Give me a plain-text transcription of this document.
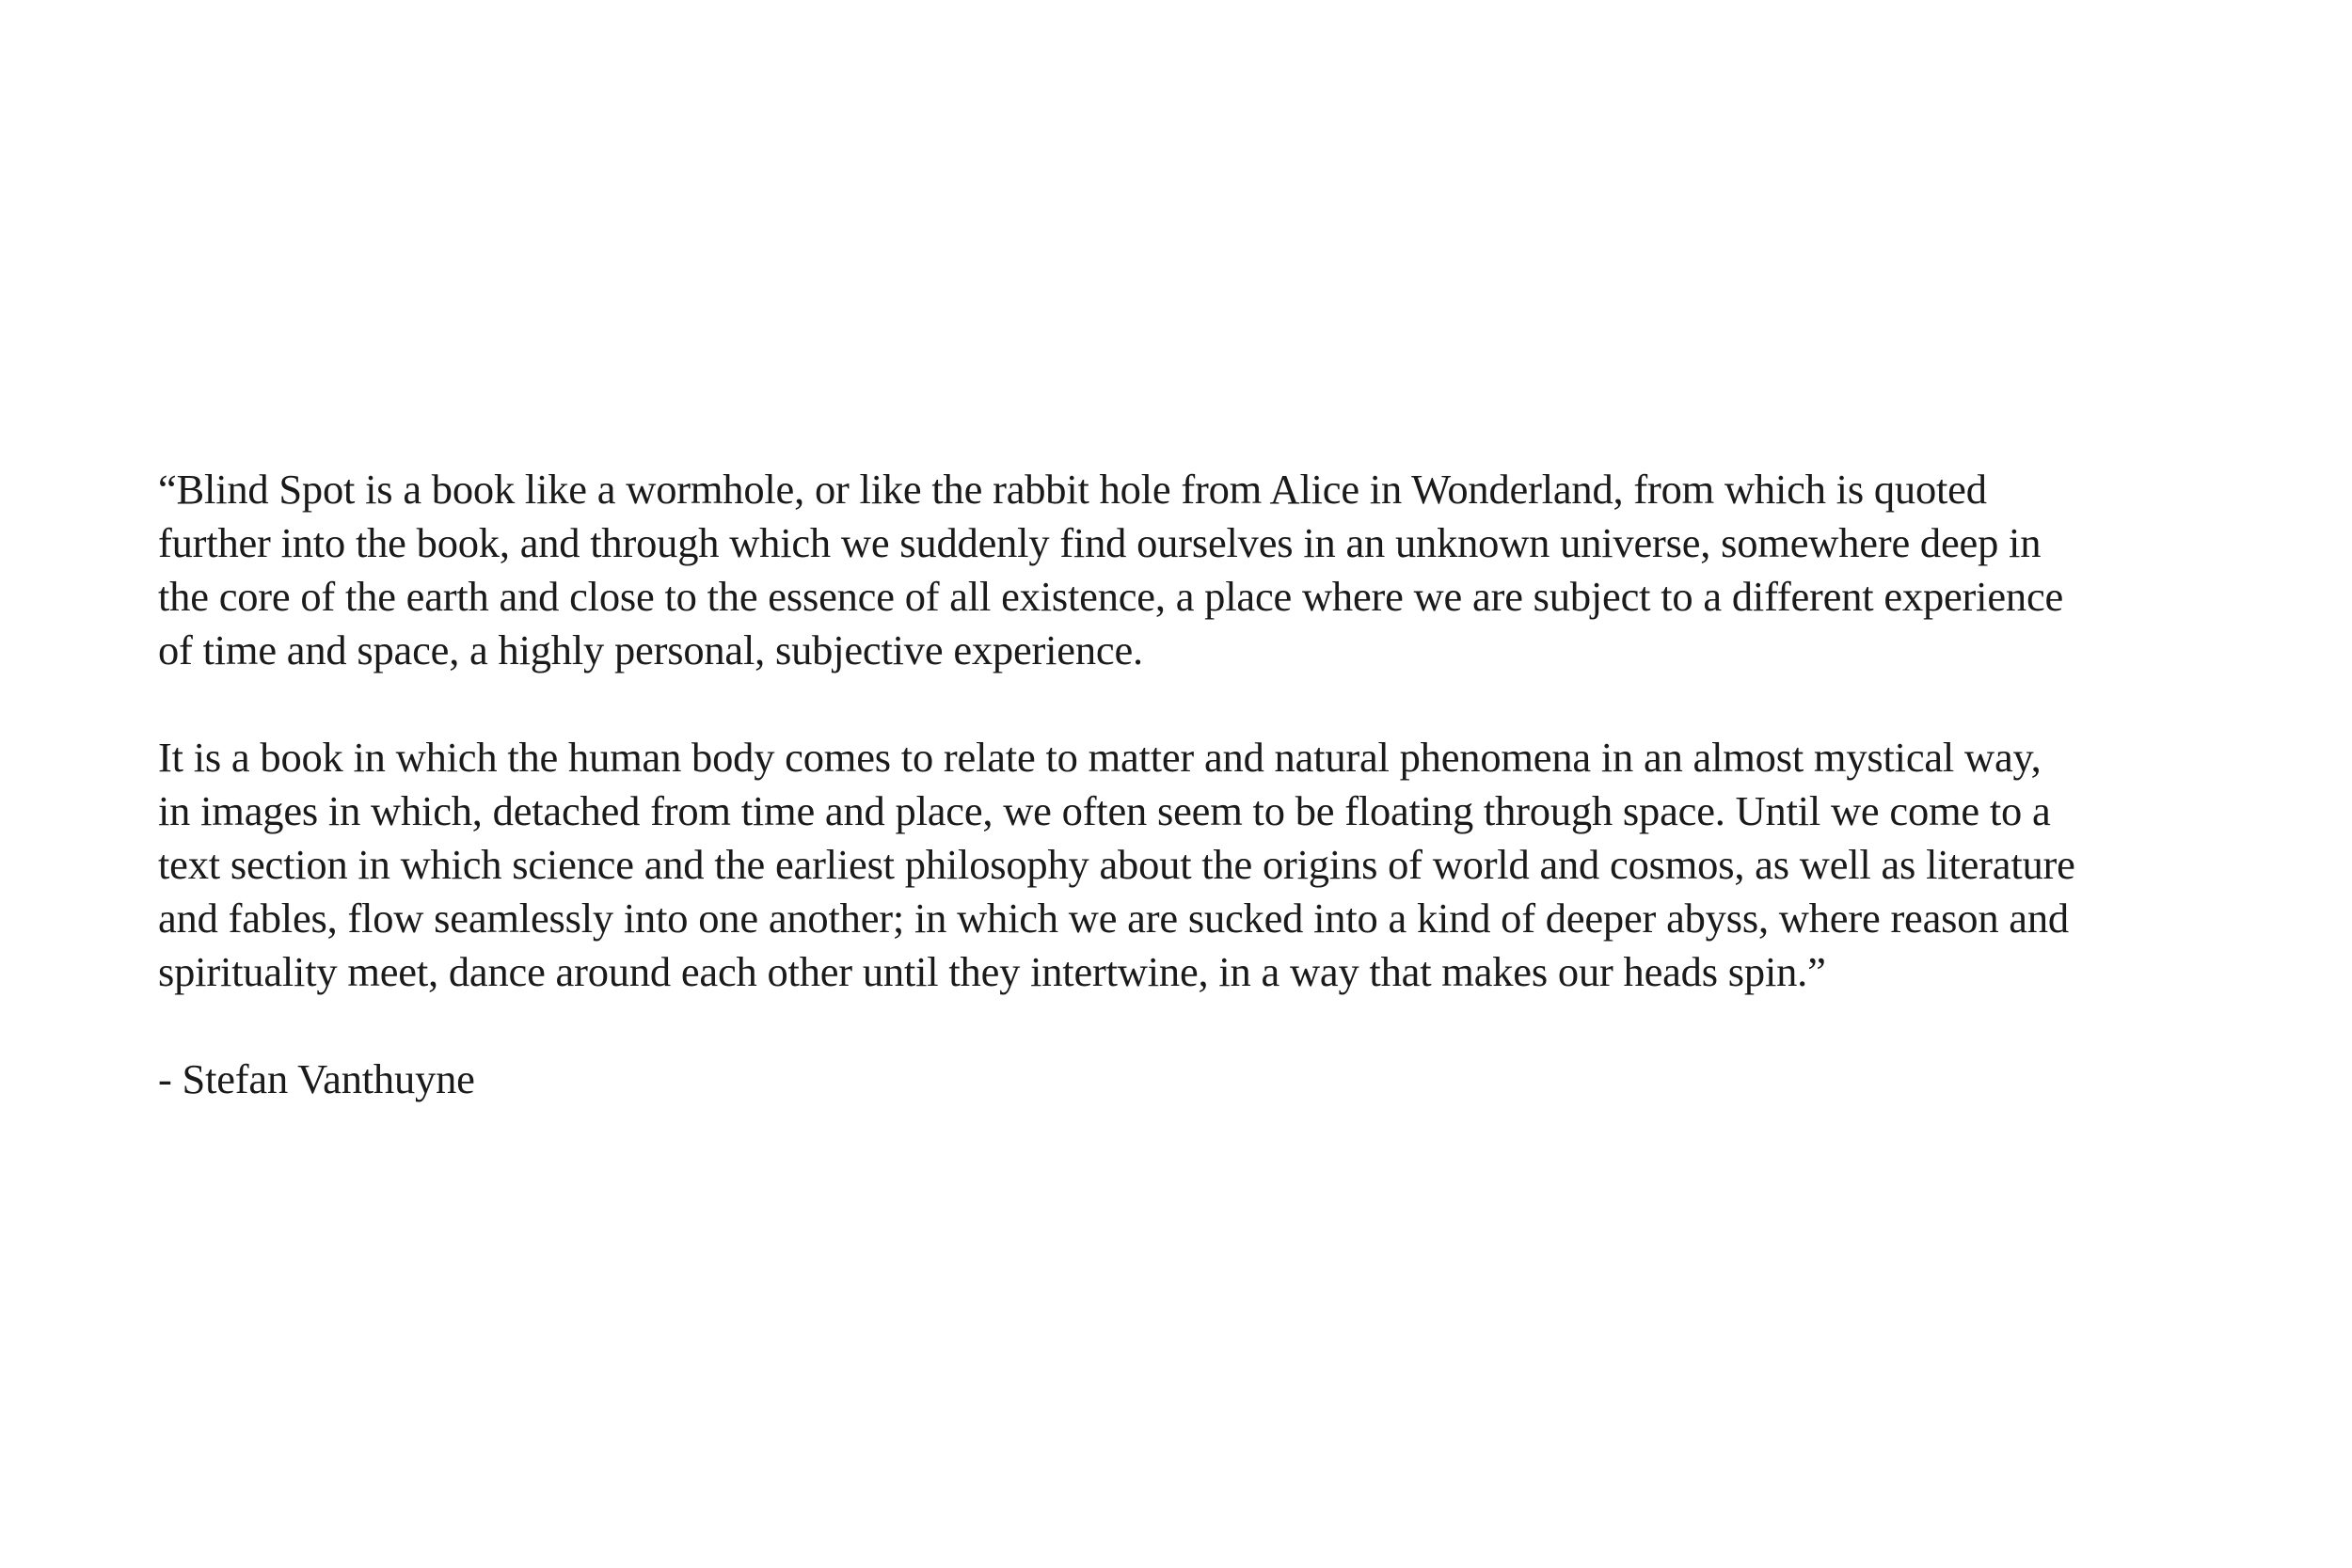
“Blind Spot is a book like a wormhole, or like the rabbit hole from Alice in Wonderland, from which is quoted
further into the book, and through which we suddenly find ourselves in an unknown universe, somewhere deep in
the core of the earth and close to the essence of all existence, a place where we are subject to a different experience
of time and space, a highly personal, subjective experience.
It is a book in which the human body comes to relate to matter and natural phenomena in an almost mystical way,
in images in which, detached from time and place, we often seem to be floating through space. Until we come to a
text section in which science and the earliest philosophy about the origins of world and cosmos, as well as literature
and fables, flow seamlessly into one another; in which we are sucked into a kind of deeper abyss, where reason and
spirituality meet, dance around each other until they intertwine, in a way that makes our heads spin.”
- Stefan Vanthuyne
